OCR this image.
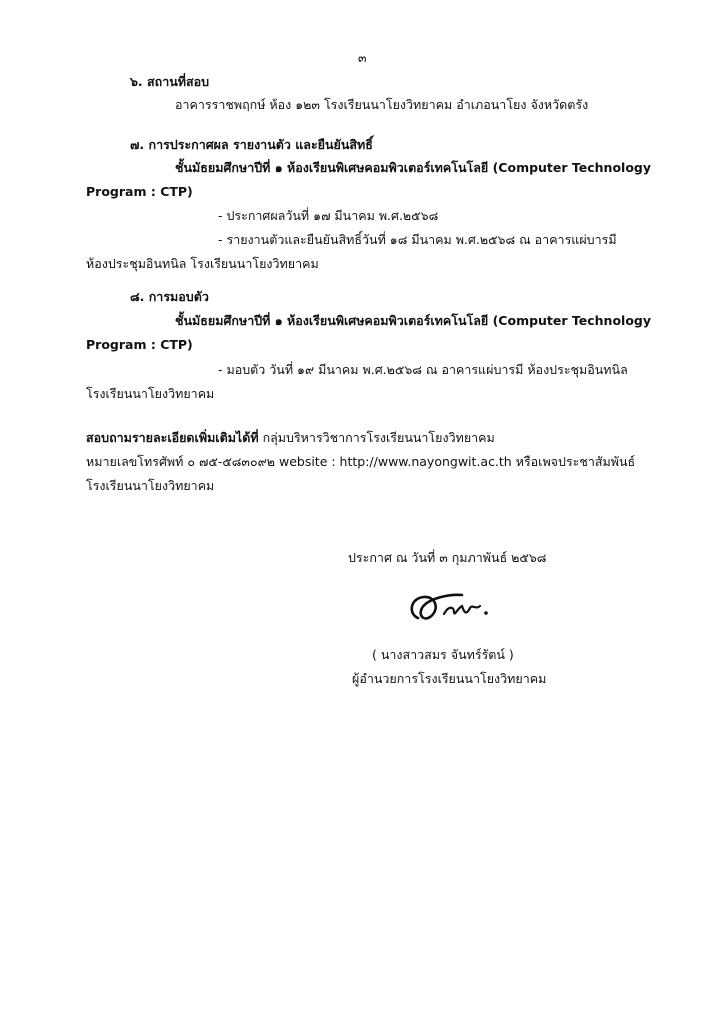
๓
๖. สถานที่สอบ
อาคารราชพฤกษ์ ห้อง ๑๒๓ โรงเรียนนาโยงวิทยาคม อำเภอนาโยง จังหวัดตรัง
๗. การประกาศผล รายงานตัว และยืนยันสิทธิ์
ชั้นมัธยมศึกษาปีที่ ๑ ห้องเรียนพิเศษคอมพิวเตอร์เทคโนโลยี (Computer Technology
Program : CTP)
- ประกาศผลวันที่ ๑๗ มีนาคม พ.ศ.๒๕๖๘
- รายงานตัวและยืนยันสิทธิ์วันที่ ๑๘ มีนาคม พ.ศ.๒๕๖๘ ณ อาคารแผ่บารมี
ห้องประชุมอินทนิล โรงเรียนนาโยงวิทยาคม
๘. การมอบตัว
ชั้นมัธยมศึกษาปีที่ ๑ ห้องเรียนพิเศษคอมพิวเตอร์เทคโนโลยี (Computer Technology
Program : CTP)
- มอบตัว วันที่ ๑๙ มีนาคม พ.ศ.๒๕๖๘ ณ อาคารแผ่บารมี ห้องประชุมอินทนิล
โรงเรียนนาโยงวิทยาคม
สอบถามรายละเอียดเพิ่มเติมได้ที่ กลุ่มบริหารวิชาการโรงเรียนนาโยงวิทยาคม
หมายเลขโทรศัพท์ ๐ ๗๕-๕๘๓๐๙๒ website : http://www.nayongwit.ac.th หรือเพจประชาสัมพันธ์
โรงเรียนนาโยงวิทยาคม
ประกาศ ณ วันที่ ๓ กุมภาพันธ์ ๒๕๖๘
( นางสาวสมร จันทร์รัตน์ )
ผู้อำนวยการโรงเรียนนาโยงวิทยาคม
